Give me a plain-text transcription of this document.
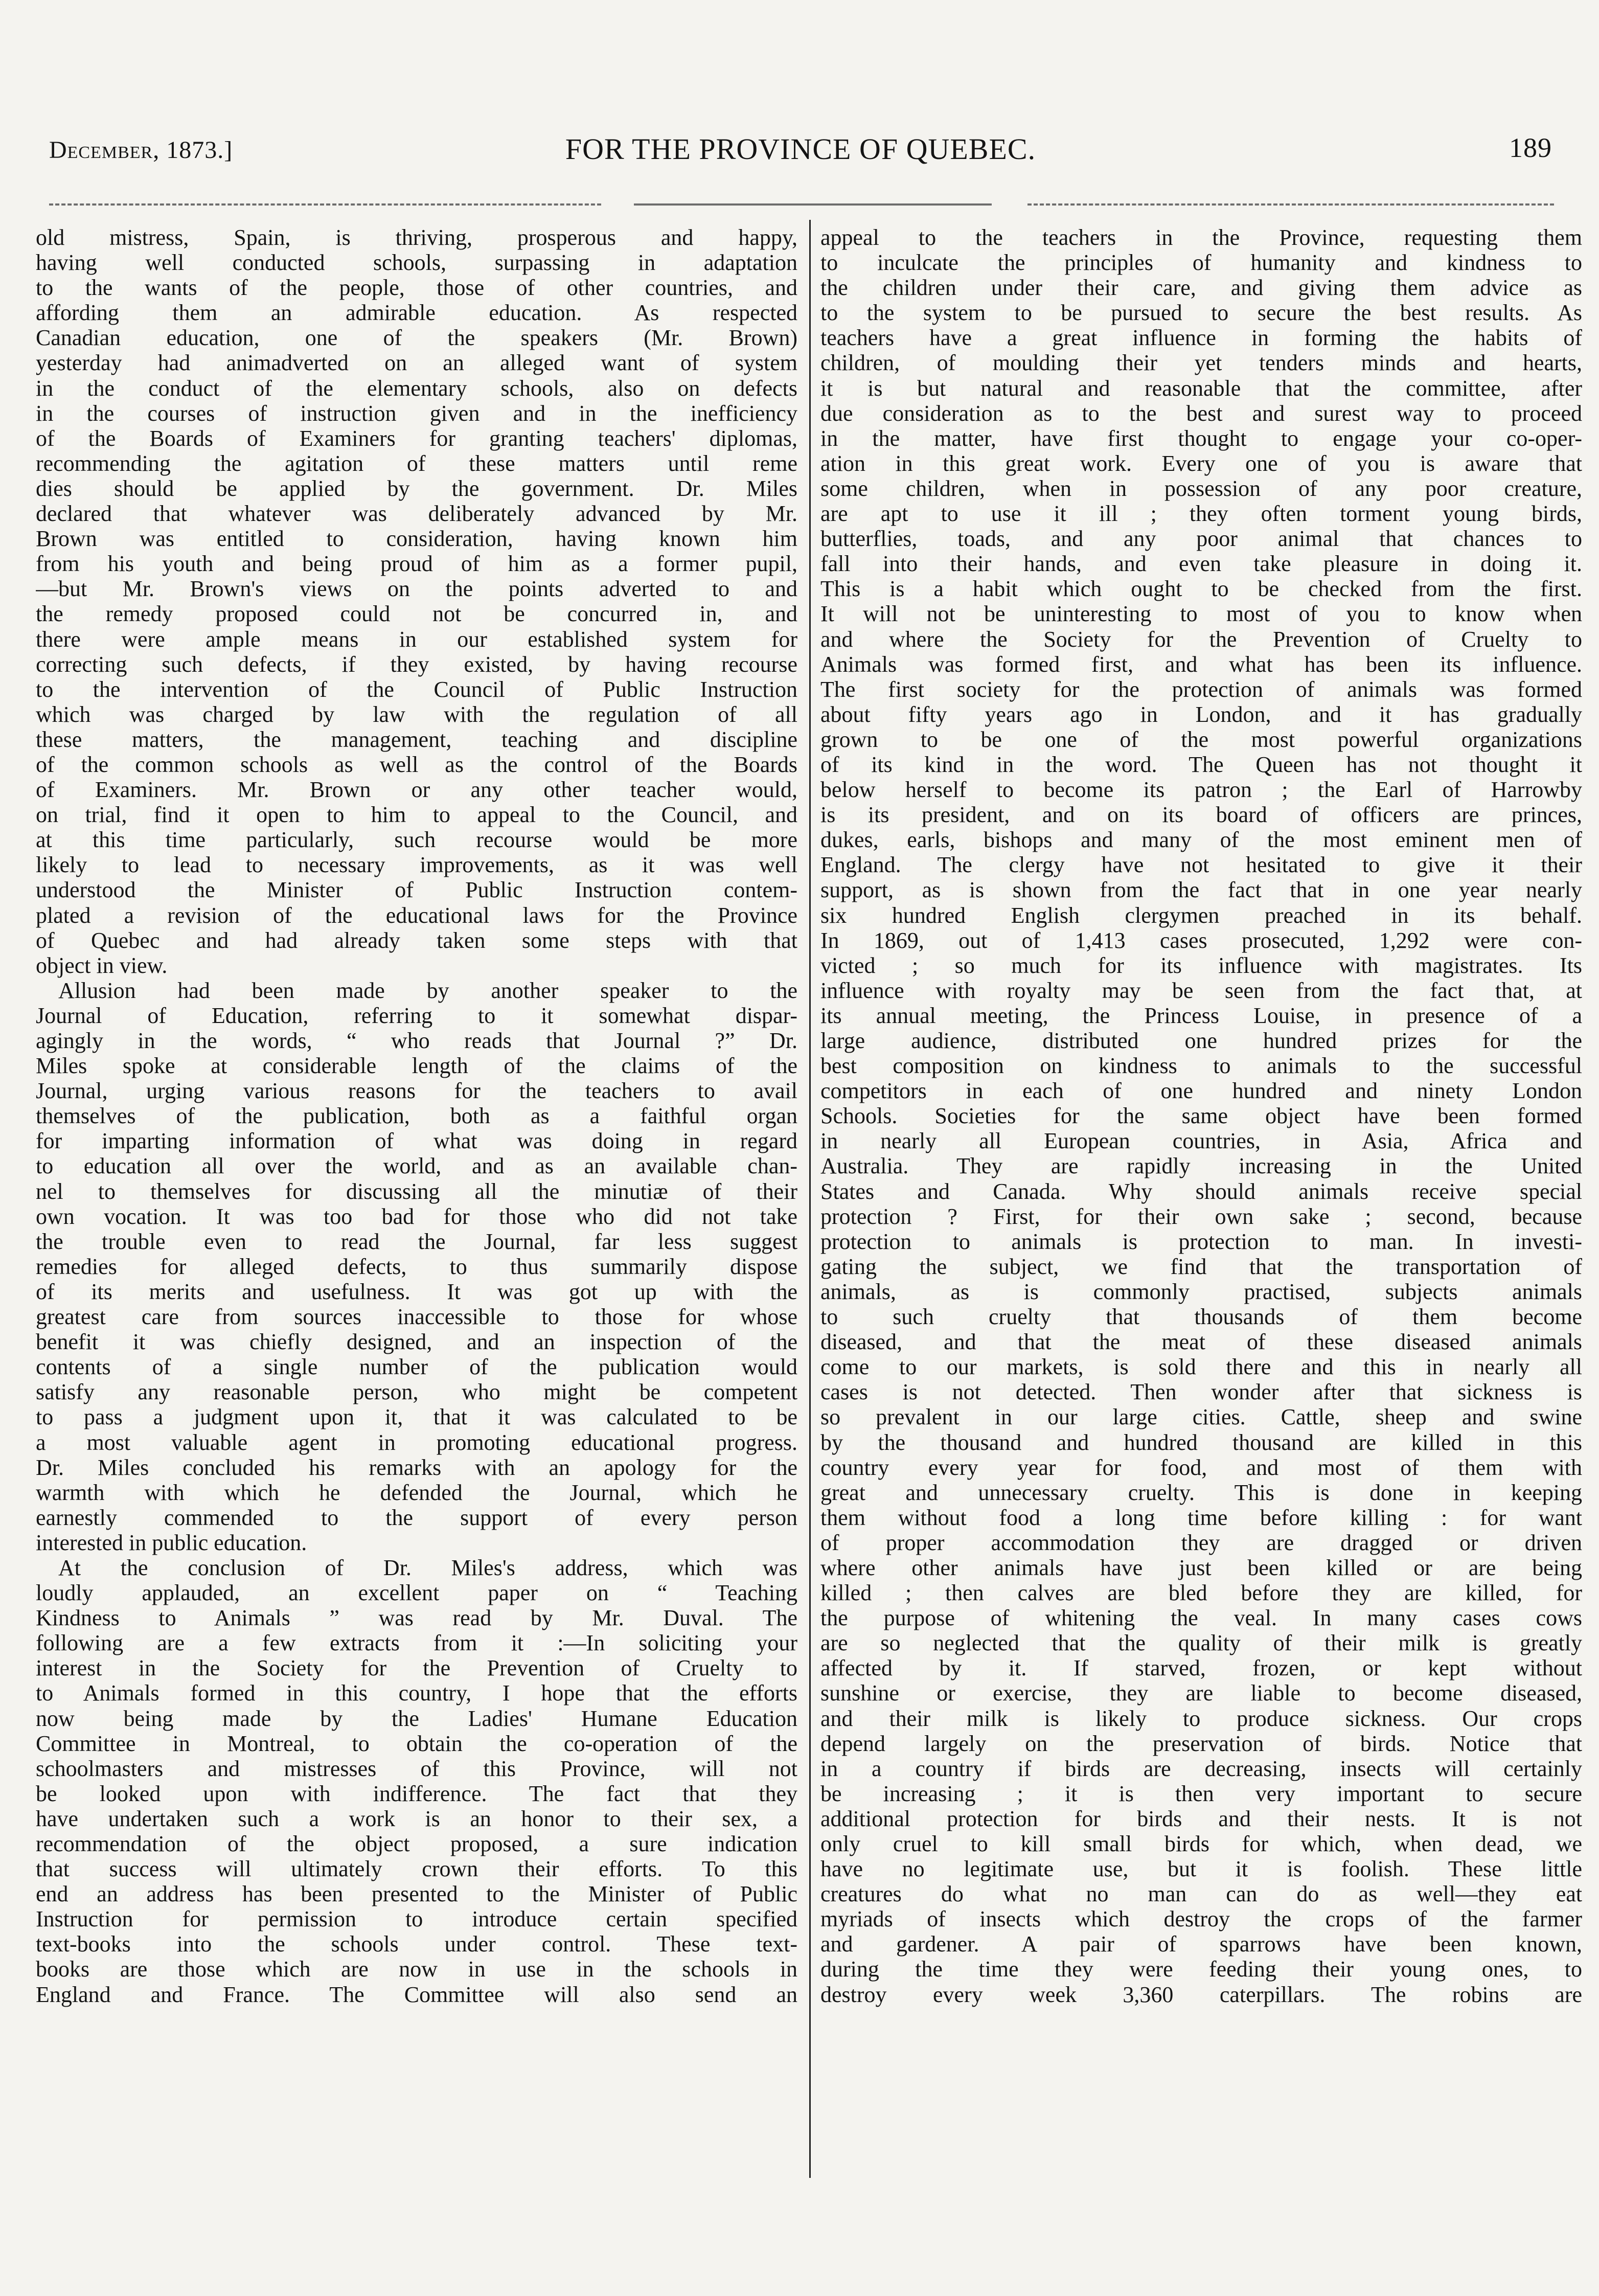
December, 1873.]	FOR THE PROVINCE OF QUEBEC.	189
old mistress, Spain, is thriving, prosperous and happy,
having well conducted schools, surpassing in adaptation
to the wants of the people, those of other countries, and
affording them an admirable education. As respected
Canadian education, one of the speakers (Mr. Brown)
yesterday had animadverted on an alleged want of system
in the conduct of the elementary schools, also on defects
in the courses of instruction given and in the inefficiency
of the Boards of Examiners for granting teachers' diplomas,
recommending the agitation of these matters until reme
dies should be applied by the government. Dr. Miles
declared that whatever was deliberately advanced by Mr.
Brown was entitled to consideration, having known him
from his youth and being proud of him as a former pupil,
—but Mr. Brown's views on the points adverted to and
the remedy proposed could not be concurred in, and
there were ample means in our established system for
correcting such defects, if they existed, by having recourse
to the intervention of the Council of Public Instruction
which was charged by law with the regulation of all
these matters, the management, teaching and discipline
of the common schools as well as the control of the Boards
of Examiners. Mr. Brown or any other teacher would,
on trial, find it open to him to appeal to the Council, and
at this time particularly, such recourse would be more
likely to lead to necessary improvements, as it was well
understood the Minister of Public Instruction contem-
plated a revision of the educational laws for the Province
of Quebec and had already taken some steps with that
object in view.
Allusion had been made by another speaker to the
Journal of Education, referring to it somewhat dispar-
agingly in the words, “ who reads that Journal ?” Dr.
Miles spoke at considerable length of the claims of the
Journal, urging various reasons for the teachers to avail
themselves of the publication, both as a faithful organ
for imparting information of what was doing in regard
to education all over the world, and as an available chan-
nel to themselves for discussing all the minutiæ of their
own vocation. It was too bad for those who did not take
the trouble even to read the Journal, far less suggest
remedies for alleged defects, to thus summarily dispose
of its merits and usefulness. It was got up with the
greatest care from sources inaccessible to those for whose
benefit it was chiefly designed, and an inspection of the
contents of a single number of the publication would
satisfy any reasonable person, who might be competent
to pass a judgment upon it, that it was calculated to be
a most valuable agent in promoting educational progress.
Dr. Miles concluded his remarks with an apology for the
warmth with which he defended the Journal, which he
earnestly commended to the support of every person
interested in public education.
At the conclusion of Dr. Miles's address, which was
loudly applauded, an excellent paper on “ Teaching
Kindness to Animals ” was read by Mr. Duval. The
following are a few extracts from it :—In soliciting your
interest in the Society for the Prevention of Cruelty to
to Animals formed in this country, I hope that the efforts
now being made by the Ladies' Humane Education
Committee in Montreal, to obtain the co-operation of the
schoolmasters and mistresses of this Province, will not
be looked upon with indifference. The fact that they
have undertaken such a work is an honor to their sex, a
recommendation of the object proposed, a sure indication
that success will ultimately crown their efforts. To this
end an address has been presented to the Minister of Public
Instruction for permission to introduce certain specified
text-books into the schools under control. These text-
books are those which are now in use in the schools in
England and France. The Committee will also send an
appeal to the teachers in the Province, requesting them
to inculcate the principles of humanity and kindness to
the children under their care, and giving them advice as
to the system to be pursued to secure the best results. As
teachers have a great influence in forming the habits of
children, of moulding their yet tenders minds and hearts,
it is but natural and reasonable that the committee, after
due consideration as to the best and surest way to proceed
in the matter, have first thought to engage your co-oper-
ation in this great work. Every one of you is aware that
some children, when in possession of any poor creature,
are apt to use it ill ; they often torment young birds,
butterflies, toads, and any poor animal that chances to
fall into their hands, and even take pleasure in doing it.
This is a habit which ought to be checked from the first.
It will not be uninteresting to most of you to know when
and where the Society for the Prevention of Cruelty to
Animals was formed first, and what has been its influence.
The first society for the protection of animals was formed
about fifty years ago in London, and it has gradually
grown to be one of the most powerful organizations
of its kind in the word. The Queen has not thought it
below herself to become its patron ; the Earl of Harrowby
is its president, and on its board of officers are princes,
dukes, earls, bishops and many of the most eminent men of
England. The clergy have not hesitated to give it their
support, as is shown from the fact that in one year nearly
six hundred English clergymen preached in its behalf.
In 1869, out of 1,413 cases prosecuted, 1,292 were con-
victed ; so much for its influence with magistrates. Its
influence with royalty may be seen from the fact that, at
its annual meeting, the Princess Louise, in presence of a
large audience, distributed one hundred prizes for the
best composition on kindness to animals to the successful
competitors in each of one hundred and ninety London
Schools. Societies for the same object have been formed
in nearly all European countries, in Asia, Africa and
Australia. They are rapidly increasing in the United
States and Canada. Why should animals receive special
protection ? First, for their own sake ; second, because
protection to animals is protection to man. In investi-
gating the subject, we find that the transportation of
animals, as is commonly practised, subjects animals
to such cruelty that thousands of them become
diseased, and that the meat of these diseased animals
come to our markets, is sold there and this in nearly all
cases is not detected. Then wonder after that sickness is
so prevalent in our large cities. Cattle, sheep and swine
by the thousand and hundred thousand are killed in this
country every year for food, and most of them with
great and unnecessary cruelty. This is done in keeping
them without food a long time before killing : for want
of proper accommodation they are dragged or driven
where other animals have just been killed or are being
killed ; then calves are bled before they are killed, for
the purpose of whitening the veal. In many cases cows
are so neglected that the quality of their milk is greatly
affected by it. If starved, frozen, or kept without
sunshine or exercise, they are liable to become diseased,
and their milk is likely to produce sickness. Our crops
depend largely on the preservation of birds. Notice that
in a country if birds are decreasing, insects will certainly
be increasing ; it is then very important to secure
additional protection for birds and their nests. It is not
only cruel to kill small birds for which, when dead, we
have no legitimate use, but it is foolish. These little
creatures do what no man can do as well—they eat
myriads of insects which destroy the crops of the farmer
and gardener. A pair of sparrows have been known,
during the time they were feeding their young ones, to
destroy every week 3,360 caterpillars. The robins are
